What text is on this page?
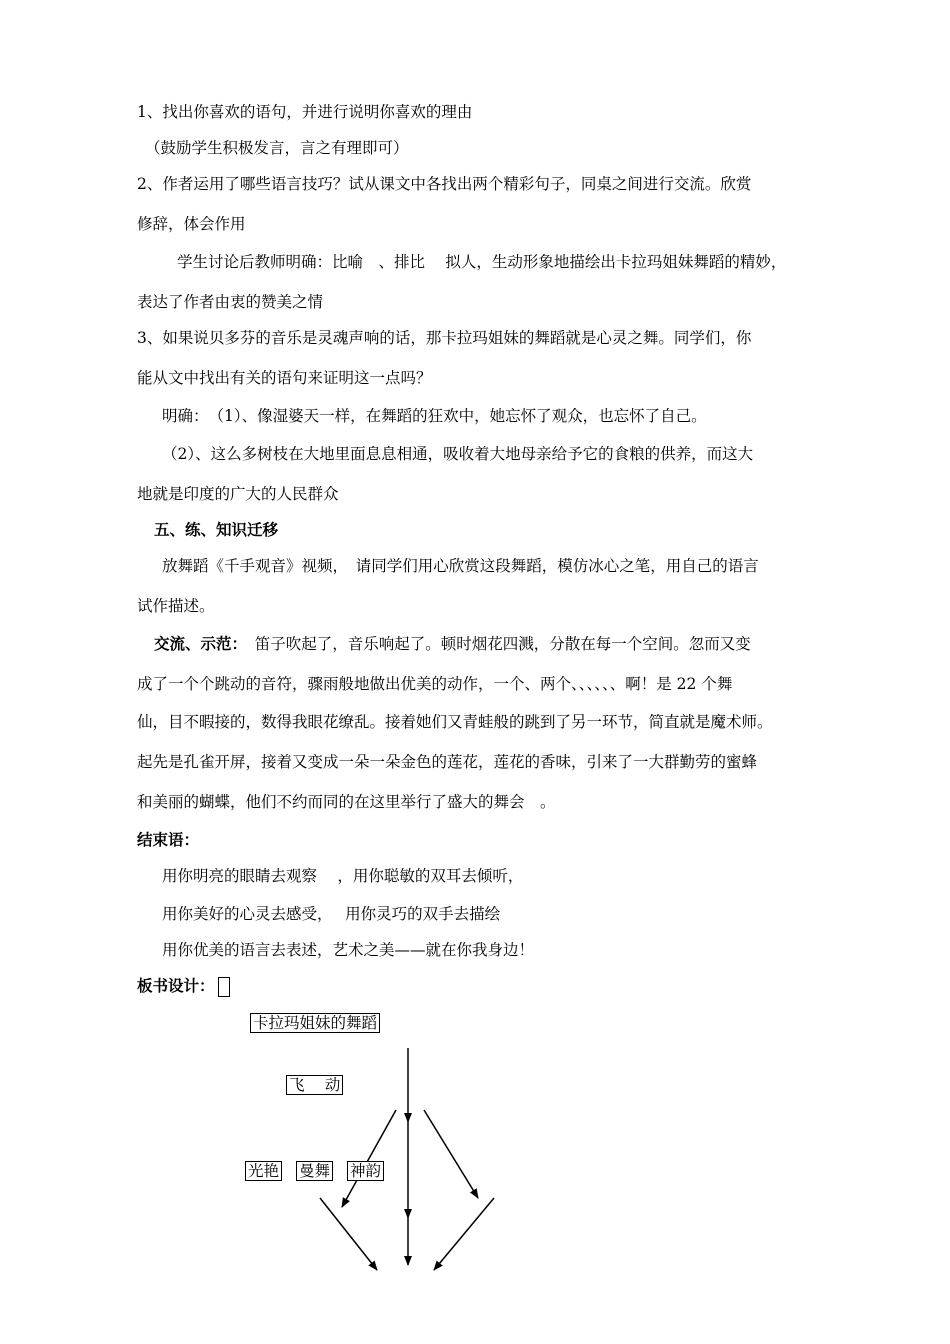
1、找出你喜欢的语句，并进行说明你喜欢的理由
（鼓励学生积极发言，言之有理即可）
2、作者运用了哪些语言技巧？试从课文中各找出两个精彩句子，同桌之间进行交流。欣赏
修辞，体会作用
学生讨论后教师明确：比喻　、排比　 拟人，生动形象地描绘出卡拉玛姐妹舞蹈的精妙，
表达了作者由衷的赞美之情
3、如果说贝多芬的音乐是灵魂声响的话，那卡拉玛姐妹的舞蹈就是心灵之舞。同学们，你
能从文中找出有关的语句来证明这一点吗？
明确：　（1）、像湿婆天一样，在舞蹈的狂欢中，她忘怀了观众，也忘怀了自己。
（2）、这么多树枝在大地里面息息相通，吸收着大地母亲给予它的食粮的供养，而这大
地就是印度的广大的人民群众
五、练、知识迁移
放舞蹈《千手观音》视频，　请同学们用心欣赏这段舞蹈，模仿冰心之笔，用自己的语言
试作描述。
交流、示范：　笛子吹起了，音乐响起了。顿时烟花四溅，分散在每一个空间。忽而又变
成了一个个跳动的音符，骤雨般地做出优美的动作，一个、两个、、、、、、啊！是 22 个舞
仙，目不暇接的，数得我眼花缭乱。接着她们又青蛙般的跳到了另一环节，简直就是魔术师。
起先是孔雀开屏，接着又变成一朵一朵金色的莲花，莲花的香味，引来了一大群勤劳的蜜蜂
和美丽的蝴蝶，他们不约而同的在这里举行了盛大的舞会　。
结束语：
用你明亮的眼睛去观察　 ，用你聪敏的双耳去倾听，
用你美好的心灵去感受，　 用你灵巧的双手去描绘
用你优美的语言去表述，艺术之美——就在你我身边！
板书设计：
卡拉玛姐妹的舞蹈
飞　 动
光艳 曼舞 神韵
